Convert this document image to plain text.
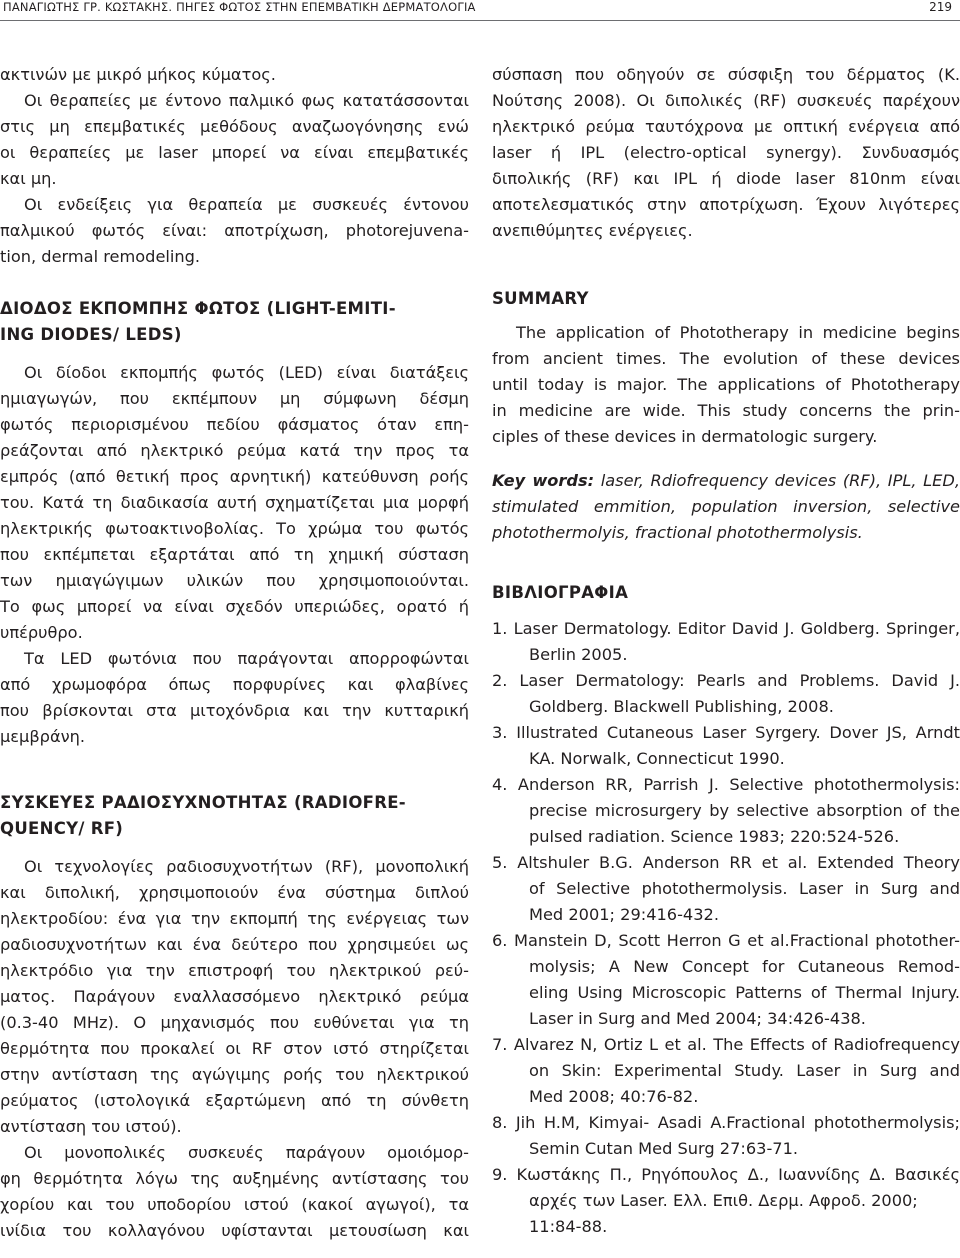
ΠΑΝΑΓΙΩΤΗΣ ΓΡ. ΚΩΣΤΑΚΗΣ. ΠΗΓΕΣ ΦΩΤΟΣ ΣΤΗΝ ΕΠΕΜΒΑΤΙΚΗ ΔΕΡΜΑΤΟΛΟΓΙΑ	219
ακτινών με μικρό μήκος κύματος.
Οι θεραπείες με έντονο παλμικό φως κατατάσσονται
στις μη επεμβατικές μεθόδους αναζωογόνησης ενώ
οι θεραπείες με laser μπορεί να είναι επεμβατικές
και μη.
Οι ενδείξεις για θεραπεία με συσκευές έντονου
παλμικού φωτός είναι: αποτρίχωση, photorejuvena-
tion, dermal remodeling.
ΔΙΟΔΟΣ ΕΚΠΟΜΠΗΣ ΦΩΤΟΣ (LIGHT-EMITI-
ING DIODES/ LEDS)
Οι δίοδοι εκπομπής φωτός (LED) είναι διατάξεις
ημιαγωγών, που εκπέμπουν μη σύμφωνη δέσμη
φωτός περιορισμένου πεδίου φάσματος όταν επη-
ρεάζονται από ηλεκτρικό ρεύμα κατά την προς τα
εμπρός (από θετική προς αρνητική) κατεύθυνση ροής
του. Κατά τη διαδικασία αυτή σχηματίζεται μια μορφή
ηλεκτρικής φωτοακτινοβολίας. Το χρώμα του φωτός
που εκπέμπεται εξαρτάται από τη χημική σύσταση
των ημιαγώγιμων υλικών που χρησιμοποιούνται.
Το φως μπορεί να είναι σχεδόν υπεριώδες, ορατό ή
υπέρυθρο.
Τα LED φωτόνια που παράγονται απορροφώνται
από χρωμοφόρα όπως πορφυρίνες και φλαβίνες
που βρίσκονται στα μιτοχόνδρια και την κυτταρική
μεμβράνη.
ΣΥΣΚΕΥΕΣ ΡΑΔΙΟΣΥΧΝΟΤΗΤΑΣ (RADIOFRE-
QUENCY/ RF)
Οι τεχνολογίες ραδιοσυχνοτήτων (RF), μονοπολική
και διπολική, χρησιμοποιούν ένα σύστημα διπλού
ηλεκτροδίου: ένα για την εκπομπή της ενέργειας των
ραδιοσυχνοτήτων και ένα δεύτερο που χρησιμεύει ως
ηλεκτρόδιο για την επιστροφή του ηλεκτρικού ρεύ-
ματος. Παράγουν εναλλασσόμενο ηλεκτρικό ρεύμα
(0.3-40 MHz). Ο μηχανισμός που ευθύνεται για τη
θερμότητα που προκαλεί οι RF στον ιστό στηρίζεται
στην αντίσταση της αγώγιμης ροής του ηλεκτρικού
ρεύματος (ιστολογικά εξαρτώμενη από τη σύνθετη
αντίσταση του ιστού).
Οι μονοπολικές συσκευές παράγουν ομοιόμορ-
φη θερμότητα λόγω της αυξημένης αντίστασης του
χορίου και του υποδορίου ιστού (κακοί αγωγοί), τα
ινίδια του κολλαγόνου υφίστανται μετουσίωση και
σύσπαση που οδηγούν σε σύσφιξη του δέρματος (Κ.
Νούτσης 2008). Οι διπολικές (RF) συσκευές παρέχουν
ηλεκτρικό ρεύμα ταυτόχρονα με οπτική ενέργεια από
laser ή IPL (electro-optical synergy). Συνδυασμός
διπολικής (RF) και IPL ή diode laser 810nm είναι
αποτελεσματικός στην αποτρίχωση. Έχουν λιγότερες
ανεπιθύμητες ενέργειες.
SUMMARY
The application of Phototherapy in medicine begins
from ancient times. The evolution of these devices
until today is major. The applications of Phototherapy
in medicine are wide. This study concerns the prin-
ciples of these devices in dermatologic surgery.
Key words: laser, Rdiofrequency devices (RF), IPL, LED,
stimulated emmition, population inversion, selective
photothermolyis, fractional photothermolysis.
ΒΙΒΛΙΟΓΡΑΦΙΑ
1. Laser Dermatology. Editor David J. Goldberg. Springer,
Berlin 2005.
2. Laser Dermatology: Pearls and Problems. David J.
Goldberg. Blackwell Publishing, 2008.
3. Illustrated Cutaneous Laser Syrgery. Dover JS, Arndt
KA. Norwalk, Connecticut 1990.
4. Anderson RR, Parrish J. Selective photothermolysis:
precise microsurgery by selective absorption of the
pulsed radiation. Science 1983; 220:524-526.
5. Altshuler B.G. Anderson RR et al. Extended Theory
of Selective photothermolysis. Laser in Surg and
Med 2001; 29:416-432.
6. Manstein D, Scott Herron G et al.Fractional photother-
molysis; A New Concept for Cutaneous Remod-
eling Using Microscopic Patterns of Thermal Injury.
Laser in Surg and Med 2004; 34:426-438.
7. Alvarez N, Ortiz L et al. The Effects of Radiofrequency
on Skin: Experimental Study. Laser in Surg and
Med 2008; 40:76-82.
8. Jih H.M, Kimyai- Asadi A.Fractional photothermolysis;
Semin Cutan Med Surg 27:63-71.
9. Κωστάκης Π., Ρηγόπουλος Δ., Ιωαννίδης Δ. Βασικές
αρχές των Laser. Ελλ. Επιθ. Δερμ. Αφροδ. 2000;
11:84-88.
